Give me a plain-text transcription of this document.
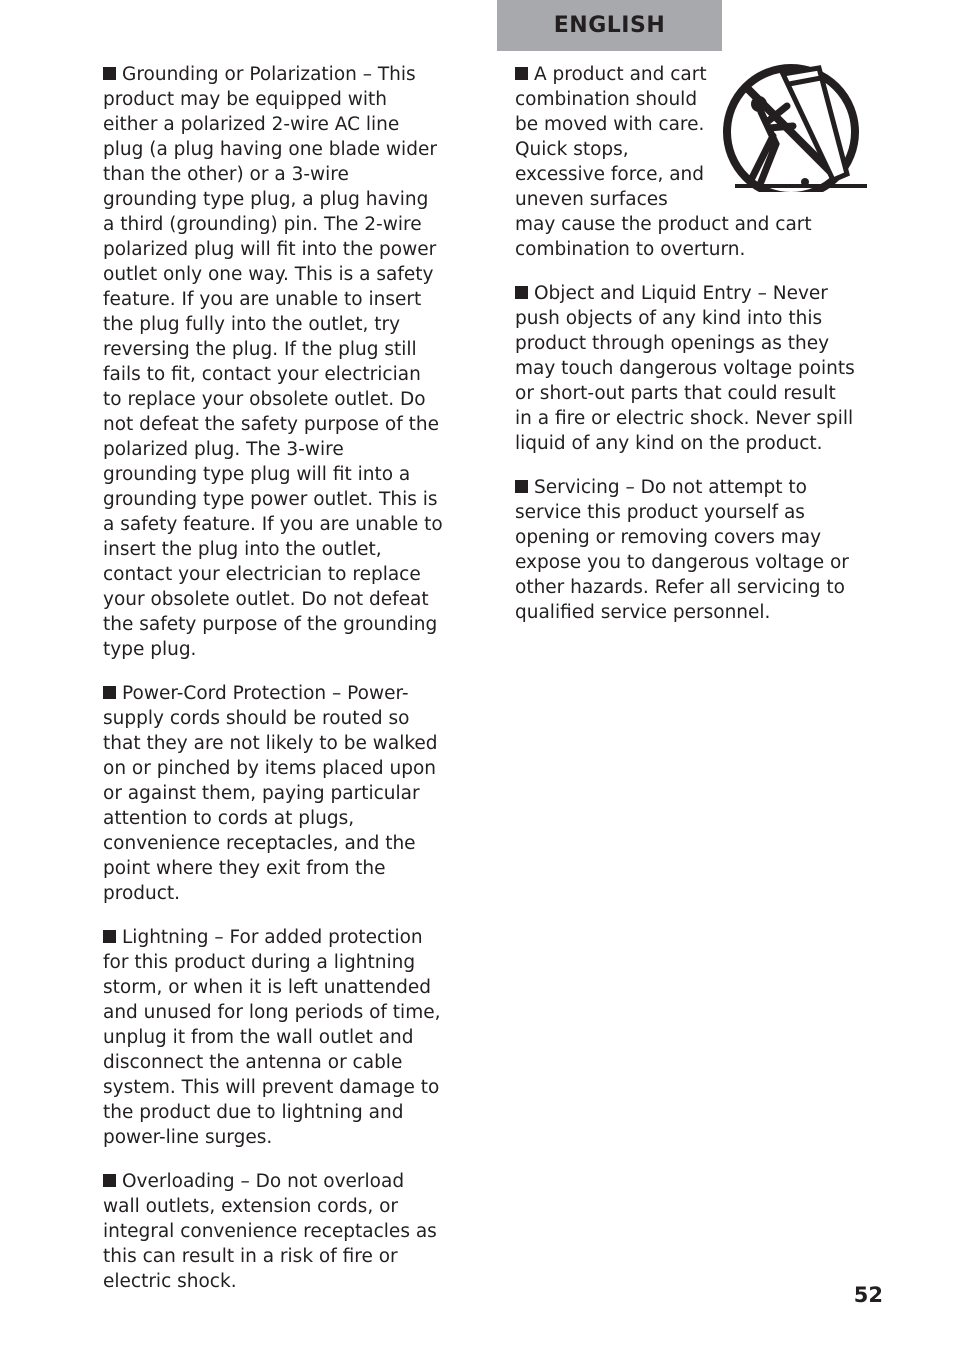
ENGLISH

Grounding or Polarization – This product may be equipped with either a polarized 2-wire AC line plug (a plug having one blade wider than the other) or a 3-wire grounding type plug, a plug having a third (grounding) pin. The 2-wire polarized plug will fit into the power outlet only one way. This is a safety feature. If you are unable to insert the plug fully into the outlet, try reversing the plug. If the plug still fails to fit, contact your electrician to replace your obsolete outlet. Do not defeat the safety purpose of the polarized plug. The 3-wire grounding type plug will fit into a grounding type power outlet. This is a safety feature. If you are unable to insert the plug into the outlet, contact your electrician to replace your obsolete outlet. Do not defeat the safety purpose of the grounding type plug.

Power-Cord Protection – Power-supply cords should be routed so that they are not likely to be walked on or pinched by items placed upon or against them, paying particular attention to cords at plugs, convenience receptacles, and the point where they exit from the product.

Lightning – For added protection for this product during a lightning storm, or when it is left unattended and unused for long periods of time, unplug it from the wall outlet and disconnect the antenna or cable system. This will prevent damage to the product due to lightning and power-line surges.

Overloading – Do not overload wall outlets, extension cords, or integral convenience receptacles as this can result in a risk of fire or electric shock.

A product and cart combination should be moved with care. Quick stops, excessive force, and uneven surfaces may cause the product and cart combination to overturn.

Object and Liquid Entry – Never push objects of any kind into this product through openings as they may touch dangerous voltage points or short-out parts that could result in a fire or electric shock. Never spill liquid of any kind on the product.

Servicing – Do not attempt to service this product yourself as opening or removing covers may expose you to dangerous voltage or other hazards. Refer all servicing to qualified service personnel.

52
